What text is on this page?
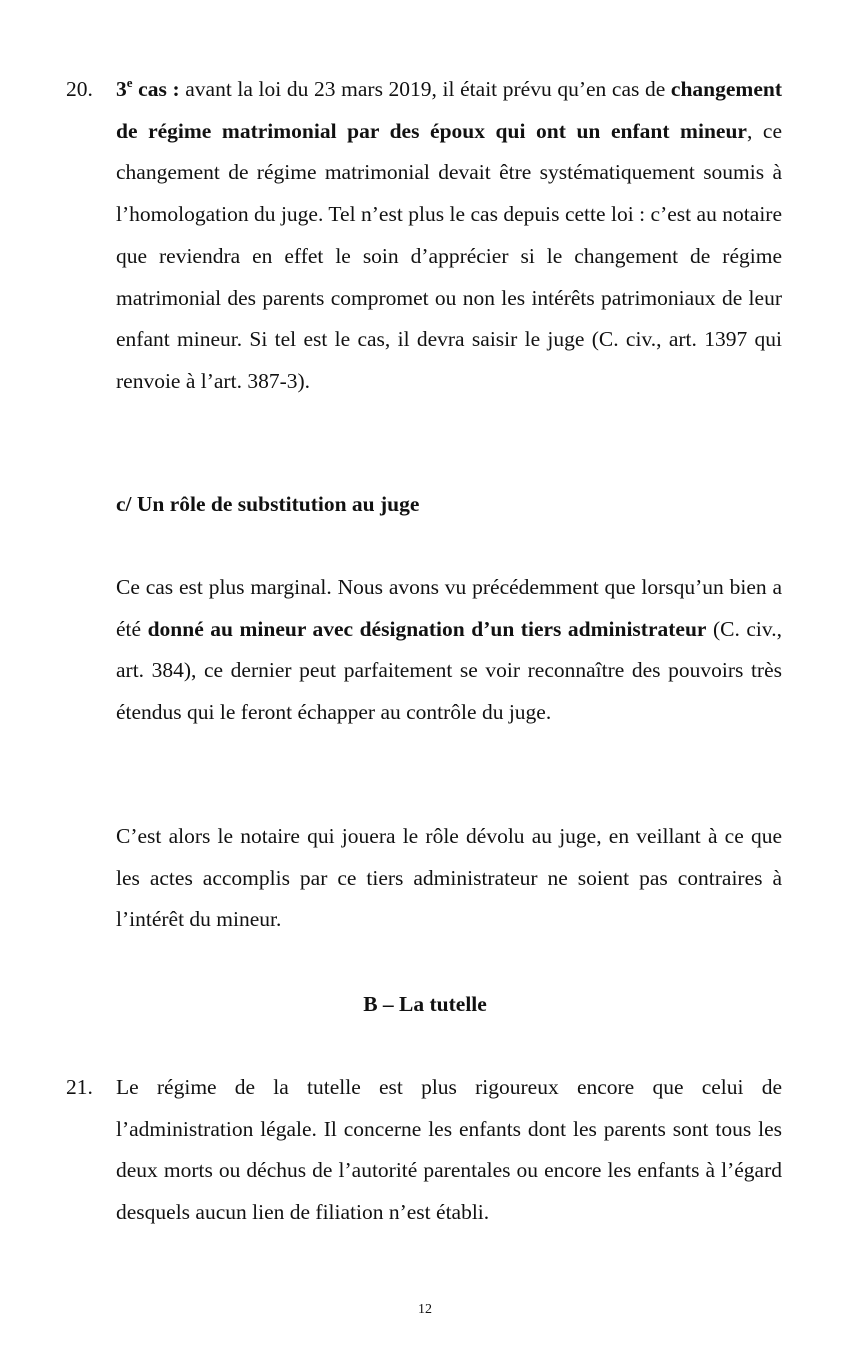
20. 3e cas : avant la loi du 23 mars 2019, il était prévu qu’en cas de changement de régime matrimonial par des époux qui ont un enfant mineur, ce changement de régime matrimonial devait être systématiquement soumis à l’homologation du juge. Tel n’est plus le cas depuis cette loi : c’est au notaire que reviendra en effet le soin d’apprécier si le changement de régime matrimonial des parents compromet ou non les intérêts patrimoniaux de leur enfant mineur. Si tel est le cas, il devra saisir le juge (C. civ., art. 1397 qui renvoie à l’art. 387-3).

c/ Un rôle de substitution au juge

Ce cas est plus marginal. Nous avons vu précédemment que lorsqu’un bien a été donné au mineur avec désignation d’un tiers administrateur (C. civ., art. 384), ce dernier peut parfaitement se voir reconnaître des pouvoirs très étendus qui le feront échapper au contrôle du juge.

C’est alors le notaire qui jouera le rôle dévolu au juge, en veillant à ce que les actes accomplis par ce tiers administrateur ne soient pas contraires à l’intérêt du mineur.

B – La tutelle

21. Le régime de la tutelle est plus rigoureux encore que celui de l’administration légale. Il concerne les enfants dont les parents sont tous les deux morts ou déchus de l’autorité parentales ou encore les enfants à l’égard desquels aucun lien de filiation n’est établi.

12
